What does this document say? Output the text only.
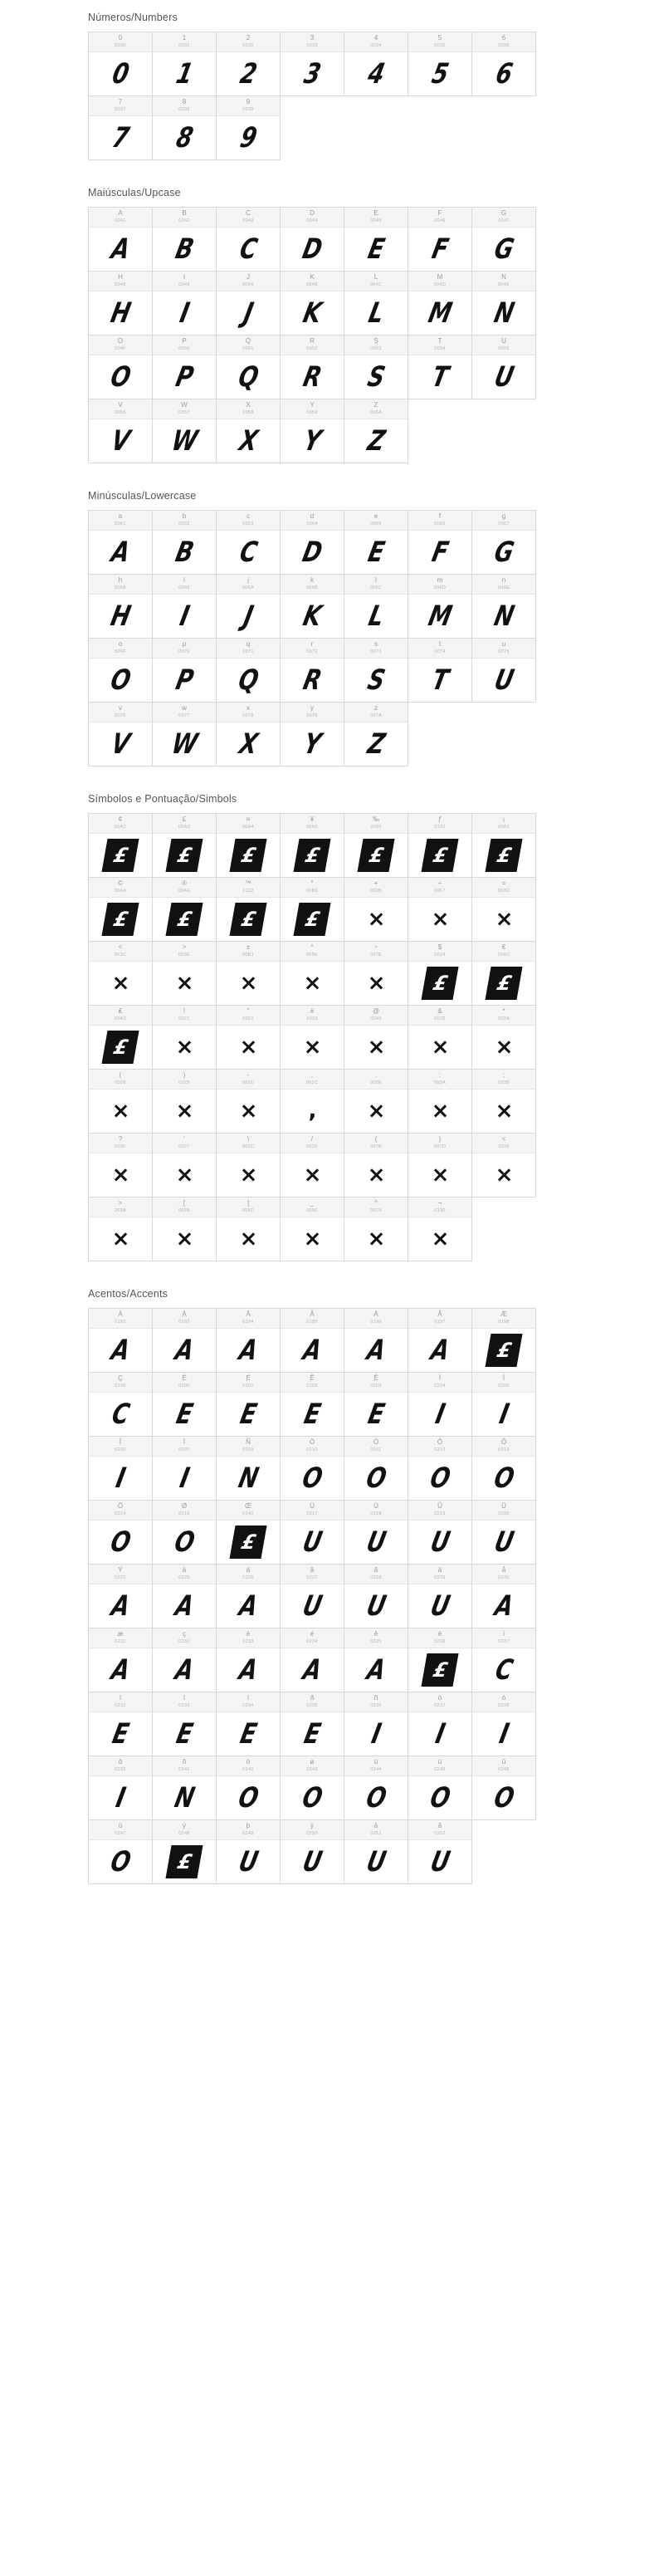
Números/Numbers
0
0030
0
1
0031
1
2
0032
2
3
0033
3
4
0034
4
5
0035
5
6
0036
6
7
0037
7
8
0038
8
9
0039
9
Maiúsculas/Upcase
A
0041
A
B
0042
B
C
0043
C
D
0044
D
E
0045
E
F
0046
F
G
0047
G
H
0048
H
I
0049
I
J
004A
J
K
004B
K
L
004C
L
M
004D
M
N
004E
N
O
004F
O
P
0050
P
Q
0051
Q
R
0052
R
S
0053
S
T
0054
T
U
0055
U
V
0056
V
W
0057
W
X
0058
X
Y
0059
Y
Z
005A
Z
Minúsculas/Lowercase
a
0061
A
b
0062
B
c
0063
C
d
0064
D
e
0065
E
f
0066
F
g
0067
G
h
0068
H
i
0069
I
j
006A
J
k
006B
K
l
006C
L
m
006D
M
n
006E
N
o
006F
O
p
0070
P
q
0071
Q
r
0072
R
s
0073
S
t
0074
T
u
0075
U
v
0076
V
w
0077
W
x
0078
X
y
0079
Y
z
007A
Z
Símbolos e Pontuação/Simbols
¢
00A2
£
£
00A3
£
¤
00A4
£
¥
00A5
£
‰
2030
£
ƒ
0192
£
¡
00A1
£
©
00A9
£
®
00AE
£
™
2122
£
°
00B0
£
+
002B
×
÷
00F7
×
=
003D
×
<
003C
×
>
003E
×
±
00B1
×
^
005E
×
~
007E
×
$
0024
£
€
20AC
£
₤
00A3
£
!
0021
×
"
0022
×
#
0023
×
@
0040
×
&
0026
×
*
002A
×
(
0028
×
)
0029
×
-
002D
×
,
002C
,
.
002E
×
:
003A
×
;
003B
×
?
003F
×
'
0027
×
\
005C
×
/
002F
×
{
007B
×
}
007D
×
<
2039
×
>
203A
×
[
005B
×
]
005D
×
_
005F
×
^
02C6
×
¬
0130
×
Acentos/Accents
À
0192
A
Á
0193
A
Â
0194
A
Ã
0195
A
Ä
0196
A
Å
0197
A
Æ
0198
£
Ç
0199
C
È
0200
E
É
0201
E
Ê
0202
E
Ë
0203
E
Ì
0204
I
Í
0205
I
Î
0206
I
Ï
0207
I
Ñ
0209
N
Ò
0210
O
Ó
0211
O
Ô
0212
O
Õ
0213
O
Ö
0214
O
Ø
0216
O
Œ
0140
£
Ù
0217
U
Ú
0218
U
Û
0219
U
Ü
0220
U
Ý
0221
A
à
0225
A
á
0226
A
â
0227
U
ã
0228
U
ä
0229
U
å
0230
A
æ
0231
A
ç
0232
A
è
0233
A
é
0234
A
ê
0235
A
ë
0236
£
ì
0237
C
í
0232
E
î
0233
E
ï
0234
E
ð
0235
E
ñ
0236
I
ò
0237
I
ó
0238
I
ô
0239
I
õ
0241
N
ö
0242
O
ø
0243
O
ù
0244
O
ú
0245
O
û
0246
O
ü
0247
O
ý
0248
£
þ
0249
U
ÿ
0250
U
ā
0251
U
ă
0252
U
